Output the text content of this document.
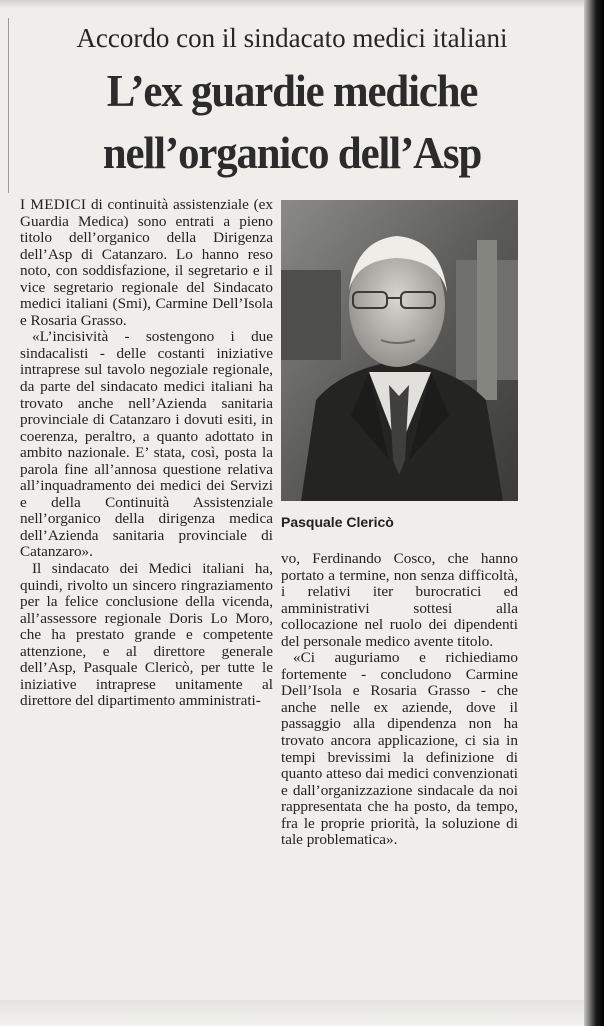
Accordo con il sindacato medici italiani
L’ex guardie mediche
nell’organico dell’Asp

I MEDICI di continuità assistenziale (ex Guardia Medica) sono entrati a pieno titolo dell’organico della Dirigenza dell’Asp di Catanzaro. Lo hanno reso noto, con soddisfazione, il segretario e il vice segretario regionale del Sindacato medici italiani (Smi), Carmine Dell’Isola e Rosaria Grasso.

«L’incisività - sostengono i due sindacalisti - delle costanti iniziative intraprese sul tavolo negoziale regionale, da parte del sindacato medici italiani ha trovato anche nell’Azienda sanitaria provinciale di Catanzaro i dovuti esiti, in coerenza, peraltro, a quanto adottato in ambito nazionale. E’ stata, così, posta la parola fine all’annosa questione relativa all’inquadramento dei medici dei Servizi e della Continuità Assistenziale nell’organico della dirigenza medica dell’Azienda sanitaria provinciale di Catanzaro».

Il sindacato dei Medici italiani ha, quindi, rivolto un sincero ringraziamento per la felice conclusione della vicenda, all’assessore regionale Doris Lo Moro, che ha prestato grande e competente attenzione, e al direttore generale dell’Asp, Pasquale Clericò, per tutte le iniziative intraprese unitamente al direttore del dipartimento amministrati-

Pasquale Clericò

vo, Ferdinando Cosco, che hanno portato a termine, non senza difficoltà, i relativi iter burocratici ed amministrativi sottesi alla collocazione nel ruolo dei dipendenti del personale medico avente titolo.

«Ci auguriamo e richiediamo fortemente - concludono Carmine Dell’Isola e Rosaria Grasso - che anche nelle ex aziende, dove il passaggio alla dipendenza non ha trovato ancora applicazione, ci sia in tempi brevissimi la definizione di quanto atteso dai medici convenzionati e dall’organizzazione sindacale da noi rappresentata che ha posto, da tempo, fra le proprie priorità, la soluzione di tale problematica».
